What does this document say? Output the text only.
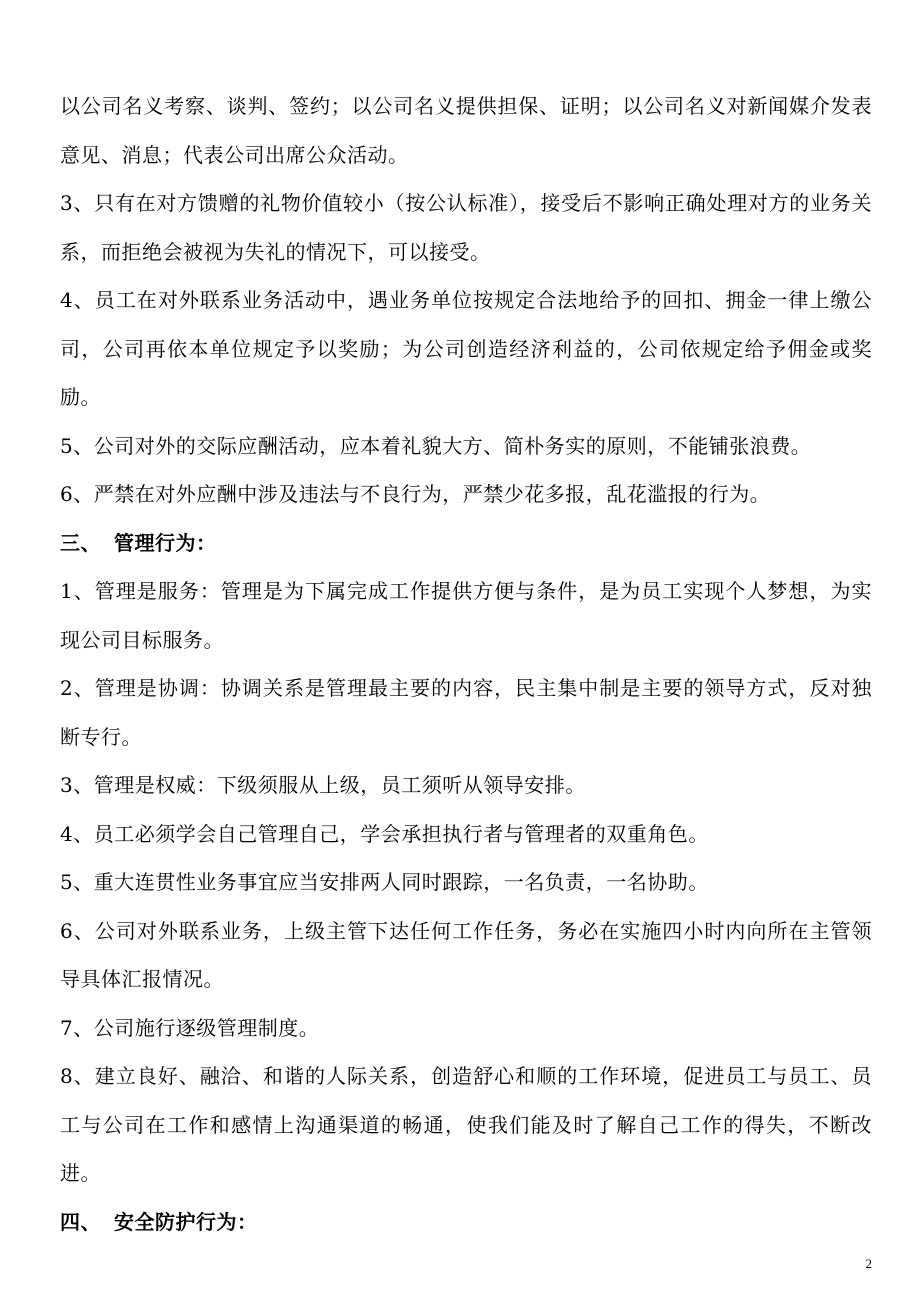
以公司名义考察、谈判、签约；以公司名义提供担保、证明；以公司名义对新闻媒介发表意见、消息；代表公司出席公众活动。

3、只有在对方馈赠的礼物价值较小（按公认标准），接受后不影响正确处理对方的业务关系，而拒绝会被视为失礼的情况下，可以接受。

4、员工在对外联系业务活动中，遇业务单位按规定合法地给予的回扣、拥金一律上缴公司，公司再依本单位规定予以奖励；为公司创造经济利益的，公司依规定给予佣金或奖励。

5、公司对外的交际应酬活动，应本着礼貌大方、简朴务实的原则，不能铺张浪费。

6、严禁在对外应酬中涉及违法与不良行为，严禁少花多报，乱花滥报的行为。

三、 管理行为：

1、管理是服务：管理是为下属完成工作提供方便与条件，是为员工实现个人梦想，为实现公司目标服务。

2、管理是协调：协调关系是管理最主要的内容，民主集中制是主要的领导方式，反对独断专行。

3、管理是权威：下级须服从上级，员工须听从领导安排。

4、员工必须学会自己管理自己，学会承担执行者与管理者的双重角色。

5、重大连贯性业务事宜应当安排两人同时跟踪，一名负责，一名协助。

6、公司对外联系业务，上级主管下达任何工作任务，务必在实施四小时内向所在主管领导具体汇报情况。

7、公司施行逐级管理制度。

8、建立良好、融洽、和谐的人际关系，创造舒心和顺的工作环境，促进员工与员工、员工与公司在工作和感情上沟通渠道的畅通，使我们能及时了解自己工作的得失，不断改进。

四、 安全防护行为：

2
